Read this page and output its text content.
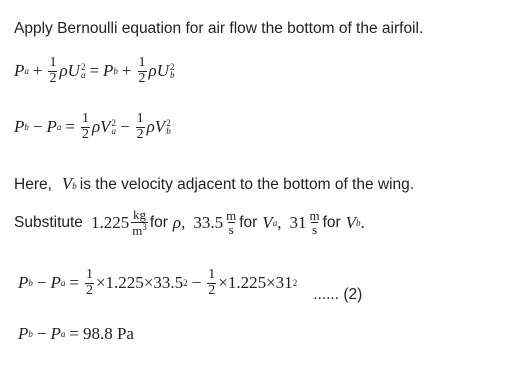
Apply Bernoulli equation for air flow the bottom of the airfoil.
P $a + \frac{1}{2}$ ρ U 2
a = P $b + \frac{1}{2}$ ρ U 2
b
P b − P $a = \frac{1}{2}$ ρ V 2
$a - \frac{1}{2}$ ρ V 2
b
Here, V b is the velocity adjacent to the bottom of the wing.
Substitute $1.225 \frac{kg}{m^3}$ for ρ , $33.5 \frac{m}{s}$ for V a , $31 \frac{m}{s}$ for V b .
P b − P $a = \frac{1}{2} \times 1.225\times 33.5$ $2 - \frac{1}{2} \times 1.225\times 31$ 2
...... (2)
P b − P a = 98.8 Pa
